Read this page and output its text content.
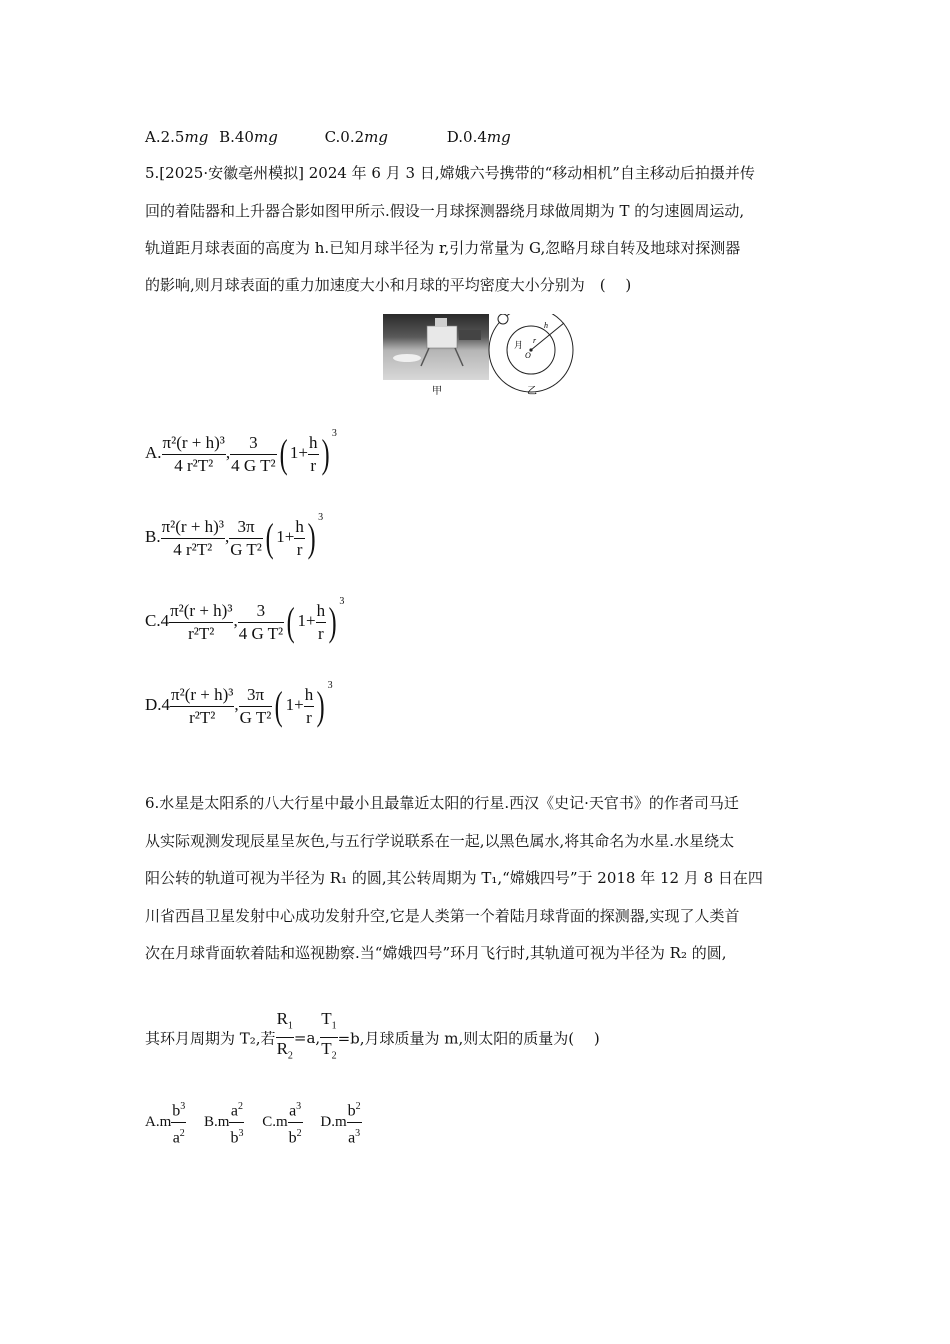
A.2.5mg B.40mg	C.0.2mg	D.0.4mg
5.[2025·安徽亳州模拟] 2024 年 6 月 3 日,嫦娥六号携带的“移动相机”自主移动后拍摄并传
回的着陆器和上升器合影如图甲所示.假设一月球探测器绕月球做周期为 T 的匀速圆周运动,
轨道距月球表面的高度为 h.已知月球半径为 r,引力常量为 G,忽略月球自转及地球对探测器
的影响,则月球表面的重力加速度大小和月球的平均密度大小分别为　(　 )
月 r
h
O
甲	乙
A. $\frac{\text{π²(r + h)³}}{\text{4 r²T²}}$ , $\frac{3}{\text{4 G T²}}$ ( $1+ \frac{h}{r}$ ) $^3$
B. $\frac{\text{π²(r + h)³}}{\text{4 r²T²}}$ , $\frac{3\pi}{\text{G T²}}$ ( $1+ \frac{h}{r}$ ) $^3$
$C.4 \frac{\text{π²(r + h)³}}{\text{r²T²}}$ , $\frac{3}{\text{4 G T²}}$ ( $1+ \frac{h}{r}$ ) $^3$
$D.4 \frac{\text{π²(r + h)³}}{\text{r²T²}}$ , $\frac{3\pi}{\text{G T²}}$ ( $1+ \frac{h}{r}$ ) $^3$
6.水星是太阳系的八大行星中最小且最靠近太阳的行星.西汉《史记·天官书》的作者司马迁
从实际观测发现辰星呈灰色,与五行学说联系在一起,以黑色属水,将其命名为水星.水星绕太
阳公转的轨道可视为半径为 R₁ 的圆,其公转周期为 T₁,“嫦娥四号”于 2018 年 12 月 8 日在四
川省西昌卫星发射中心成功发射升空,它是人类第一个着陆月球背面的探测器,实现了人类首
次在月球背面软着陆和巡视勘察.当“嫦娥四号”环月飞行时,其轨道可视为半径为 R₂ 的圆,
其环月周期为 T₂,若 $\frac{R_1}{R_2} =a$, $\frac{T_1}{T_2} =b$,月球质量为 m,则太阳的质量为(　 )
$A.m \frac{b^3}{a^2} B.m \frac{a^2}{b^3} C.m \frac{a^3}{b^2} D.m \frac{b^2}{a^3}$
